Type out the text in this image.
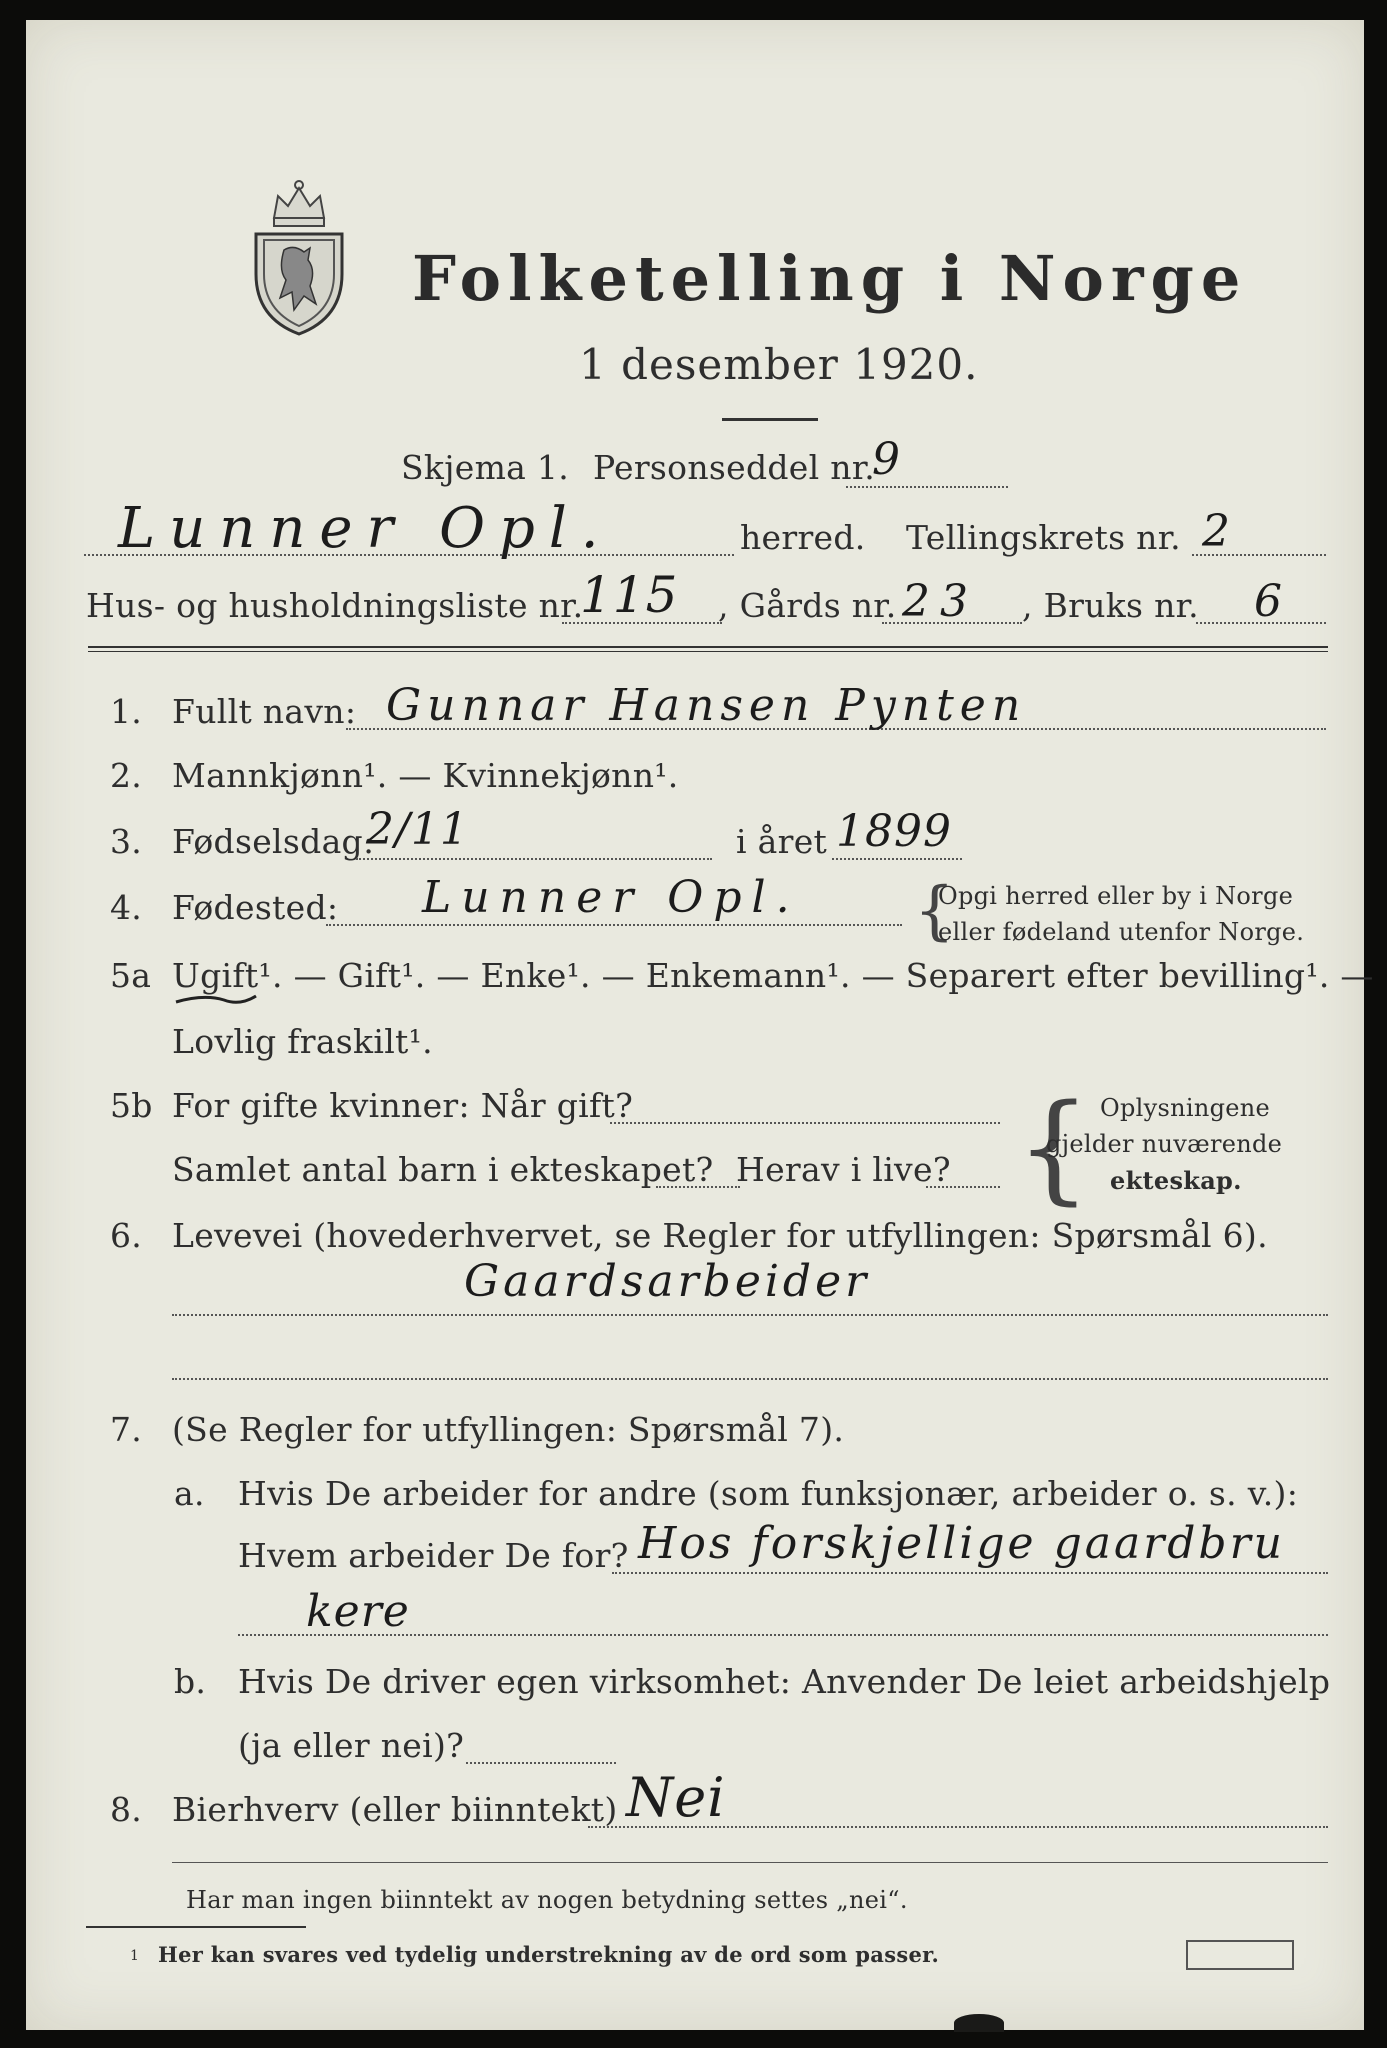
Folketelling i Norge
1 desember 1920.
Skjema 1. Personseddel nr.
9
Lunner Opl.	herred. Tellingskrets nr. 2
Hus- og husholdningsliste nr.
115 , Gårds nr. 23 , Bruks nr. 6
1. Fullt navn: Gunnar Hansen Pynten
2. Mannkjønn¹. — Kvinnekjønn¹.
3. Fødselsdag:
2/11	i året 1899
4. Fødested: Lunner Opl. {
Opgi herred eller by i Norge
eller fødeland utenfor Norge.
5a Ugift¹. — Gift¹. — Enke¹. — Enkemann¹. — Separert efter bevilling¹. —
Lovlig fraskilt¹.
5b For gifte kvinner: Når gift?
Samlet antal barn i ekteskapet? Herav i live? { Oplysningene
gjelder nuværende
ekteskap.
6. Levevei (hovederhvervet, se Regler for utfyllingen: Spørsmål 6).
Gaardsarbeider
7. (Se Regler for utfyllingen: Spørsmål 7).
a. Hvis De arbeider for andre (som funksjonær, arbeider o. s. v.):
Hvem arbeider De for? Hos forskjellige gaardbru
kere
b. Hvis De driver egen virksomhet: Anvender De leiet arbeidshjelp
(ja eller nei)?
8. Bierhverv (eller biinntekt) Nei
Har man ingen biinntekt av nogen betydning settes „nei“.
1 Her kan svares ved tydelig understrekning av de ord som passer.
